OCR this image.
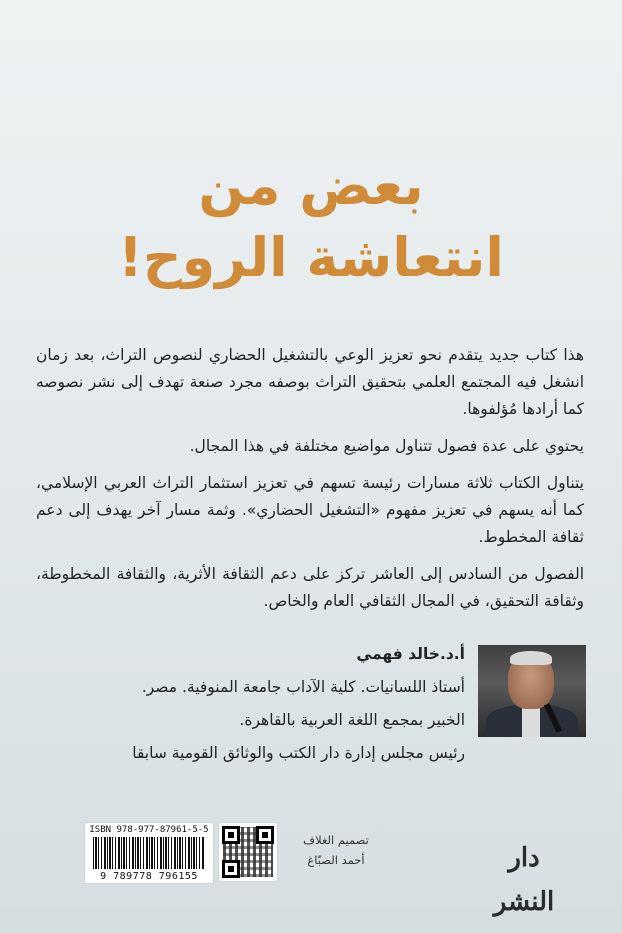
بعض من
انتعاشة الروح!

هذا كتاب جديد يتقدم نحو تعزيز الوعي بالتشغيل الحضاري لنصوص التراث، بعد زمان انشغل فيه المجتمع العلمي بتحقيق التراث بوصفه مجرد صنعة تهدف إلى نشر نصوصه كما أرادها مُؤلفوها.

يحتوي على عدة فصول تتناول مواضيع مختلفة في هذا المجال.

يتناول الكتاب ثلاثة مسارات رئيسة تسهم في تعزيز استثمار التراث العربي الإسلامي، كما أنه يسهم في تعزيز مفهوم «التشغيل الحضاري». وثمة مسار آخر يهدف إلى دعم ثقافة المخطوط.

الفصول من السادس إلى العاشر تركز على دعم الثقافة الأثرية، والثقافة المخطوطة، وثقافة التحقيق، في المجال الثقافي العام والخاص.

أ.د.خالد فهمي
أستاذ اللسانيات. كلية الآداب جامعة المنوفية. مصر.
الخبير بمجمع اللغة العربية بالقاهرة.
رئيس مجلس إدارة دار الكتب والوثائق القومية سابقا
ISBN 978-977-87961-5-5
9 789778 796155
تصميم الغلاف
أحمد الصبّاغ	دار النشر
